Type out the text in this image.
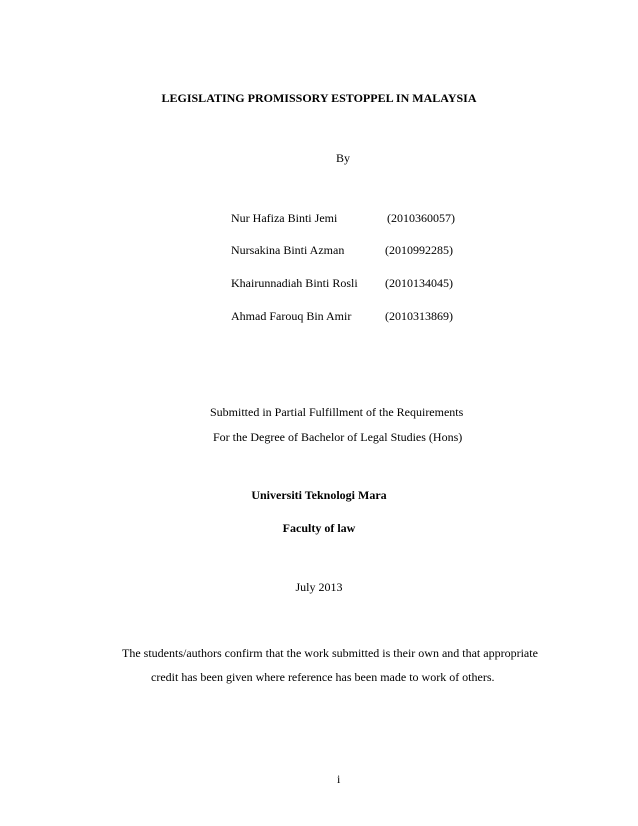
LEGISLATING PROMISSORY ESTOPPEL IN MALAYSIA
By
Nur Hafiza Binti Jemi	(2010360057)
Nursakina Binti Azman	(2010992285)
Khairunnadiah Binti Rosli (2010134045)
Ahmad Farouq Bin Amir	(2010313869)
Submitted in Partial Fulfillment of the Requirements
For the Degree of Bachelor of Legal Studies (Hons)
Universiti Teknologi Mara
Faculty of law
July 2013
The students/authors confirm that the work submitted is their own and that appropriate
credit has been given where reference has been made to work of others.
i
